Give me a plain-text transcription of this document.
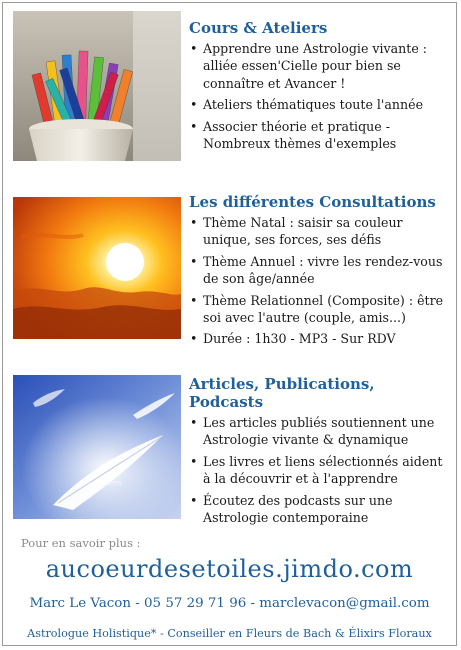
Cours & Ateliers
• Apprendre une Astrologie vivante : alliée essen'Cielle pour bien se connaître et Avancer !
• Ateliers thématiques toute l'année
• Associer théorie et pratique - Nombreux thèmes d'exemples
Les différentes Consultations
• Thème Natal : saisir sa couleur unique, ses forces, ses défis
• Thème Annuel : vivre les rendez-vous de son âge/année
• Thème Relationnel (Composite) : être soi avec l'autre (couple, amis...)
• Durée : 1h30 - MP3 - Sur RDV
Heures
Articles, Publications, Podcasts
• Les articles publiés soutiennent une Astrologie vivante & dynamique
• Les livres et liens sélectionnés aident à la découvrir et à l'apprendre
• Écoutez des podcasts sur une Astrologie contemporaine
Pour en savoir plus :
aucoeurdesetoiles.jimdo.com
Marc Le Vacon - 05 57 29 71 96 - marclevacon@gmail.com
Astrologue Holistique* - Conseiller en Fleurs de Bach & Élixirs Floraux
